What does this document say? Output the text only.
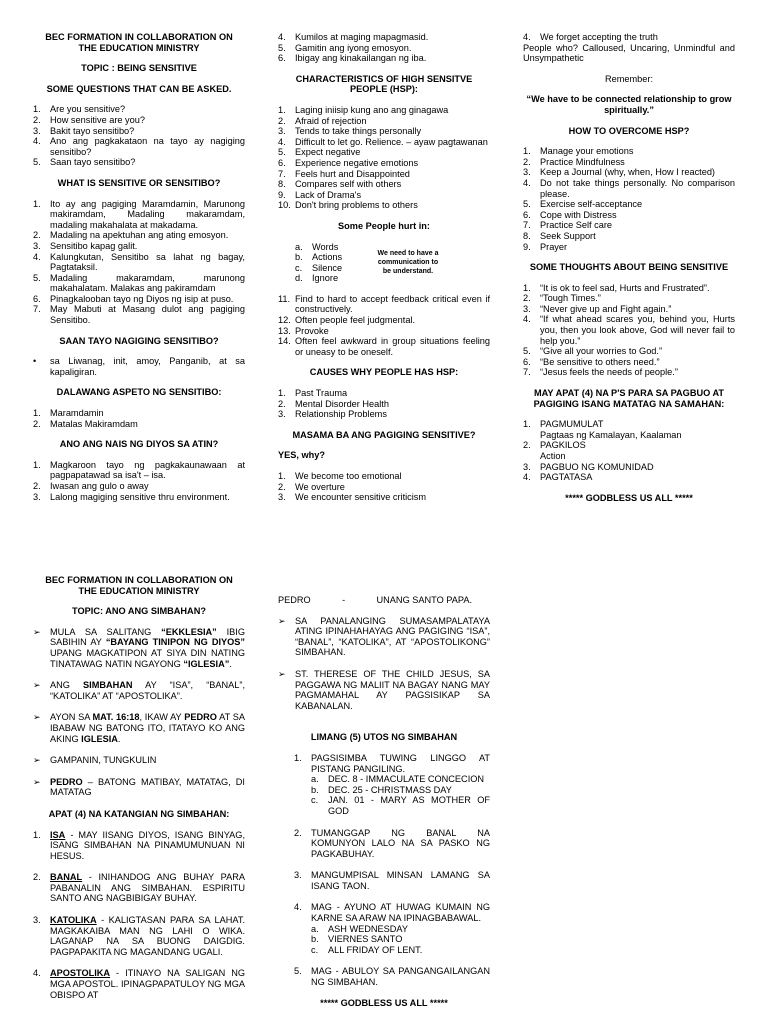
BEC FORMATION IN COLLABORATION ON
THE EDUCATION MINISTRY
TOPIC : BEING SENSITIVE
SOME QUESTIONS THAT CAN BE ASKED.
1. Are you sensitive?
2. How sensitive are you?
3. Bakit tayo sensitibo?
4. Ano ang pagkakataon na tayo ay nagiging sensitibo?
5. Saan tayo sensitibo?
WHAT IS SENSITIVE OR SENSITIBO?
1. Ito ay ang pagiging Maramdamin, Marunong makiramdam, Madaling makaramdam, madaling makahalata at makadama.
2. Madaling na apektuhan ang ating emosyon.
3. Sensitibo kapag galit.
4. Kalungkutan, Sensitibo sa lahat ng bagay, Pagtataksil.
5. Madaling makaramdam, marunong makahalatam. Malakas ang pakiramdam
6. Pinagkalooban tayo ng Diyos ng isip at puso.
7. May Mabuti at Masang dulot ang pagiging Sensitibo.
SAAN TAYO NAGIGING SENSITIBO?
• sa Liwanag, init, amoy, Panganib, at sa kapaligiran.
DALAWANG ASPETO NG SENSITIBO:
1. Maramdamin
2. Matalas Makiramdam
ANO ANG NAIS NG DIYOS SA ATIN?
1. Magkaroon tayo ng pagkakaunawaan at pagpapatawad sa isa't – isa.
2. Iwasan ang gulo o away
3. Lalong magiging sensitive thru environment.
4. Kumilos at maging mapagmasid.
5. Gamitin ang iyong emosyon.
6. Ibigay ang kinakailangan ng iba.
CHARACTERISTICS OF HIGH SENSITVE PEOPLE (HSP):
1. Laging iniisip kung ano ang ginagawa
2. Afraid of rejection
3. Tends to take things personally
4. Difficult to let go. Relience. – ayaw pagtawanan
5. Expect negative
6. Experience negative emotions
7. Feels hurt and Disappointed
8. Compares self with others
9. Lack of Drama's
10. Don't bring problems to others
Some People hurt in:
a. Words
b. Actions
c. Silence
d. Ignore
We need to have a communication to be understand.
11. Find to hard to accept feedback critical even if constructively.
12. Often people feel judgmental.
13. Provoke
14. Often feel awkward in group situations feeling or uneasy to be oneself.
CAUSES WHY PEOPLE HAS HSP:
1. Past Trauma
2. Mental Disorder Health
3. Relationship Problems
MASAMA BA ANG PAGIGING SENSITIVE?
YES, why?
1. We become too emotional
2. We overture
3. We encounter sensitive criticism
4. We forget accepting the truth

People who? Calloused, Uncaring, Unmindful and Unsympathetic

Remember:
“We have to be connected relationship to grow spiritually.”
HOW TO OVERCOME HSP?
1. Manage your emotions
2. Practice Mindfulness
3. Keep a Journal (why, when, How I reacted)
4. Do not take things personally. No comparison please.
5. Exercise self-acceptance
6. Cope with Distress
7. Practice Self care
8. Seek Support
9. Prayer
SOME THOUGHTS ABOUT BEING SENSITIVE
1. “It is ok to feel sad, Hurts and Frustrated”.
2. “Tough Times.”
3. “Never give up and Fight again.”
4. “If what ahead scares you, behind you, Hurts you, then you look above, God will never fail to help you.”
5. “Give all your worries to God.”
6. “Be sensitive to others need.”
7. “Jesus feels the needs of people.”
MAY APAT (4) NA P'S PARA SA PAGBUO AT PAGIGING ISANG MATATAG NA SAMAHAN:
1. PAGMUMULAT
Pagtaas ng Kamalayan, Kaalaman
2. PAGKILOS
Action
3. PAGBUO NG KOMUNIDAD
4. PAGTATASA
***** GODBLESS US ALL *****
BEC FORMATION IN COLLABORATION ON
THE EDUCATION MINISTRY
TOPIC: ANO ANG SIMBAHAN?
➢ MULA SA SALITANG “EKKLESIA” IBIG SABIHIN AY “BAYANG TINIPON NG DIYOS” UPANG MAGKATIPON AT SIYA DIN NATING TINATAWAG NATIN NGAYONG “IGLESIA”.
➢ ANG SIMBAHAN AY “ISA”, “BANAL”, “KATOLIKA” AT “APOSTOLIKA”.
➢ AYON SA MAT. 16:18, IKAW AY PEDRO AT SA IBABAW NG BATONG ITO, ITATAYO KO ANG AKING IGLESIA.
➢ GAMPANIN, TUNGKULIN
➢ PEDRO – BATONG MATIBAY, MATATAG, DI MATATAG
APAT (4) NA KATANGIAN NG SIMBAHAN:
1. ISA - MAY IISANG DIYOS, ISANG BINYAG, ISANG SIMBAHAN NA PINAMUMUNUAN NI HESUS.
2. BANAL - INIHANDOG ANG BUHAY PARA PABANALIN ANG SIMBAHAN. ESPIRITU SANTO ANG NAGBIBIGAY BUHAY.
3. KATOLIKA - KALIGTASAN PARA SA LAHAT. MAGKAKAIBA MAN NG LAHI O WIKA. LAGANAP NA SA BUONG DAIGDIG. PAGPAPAKITA NG MAGANDANG UGALI.
4. APOSTOLIKA - ITINAYO NA SALIGAN NG MGA APOSTOL. IPINAGPAPATULOY NG MGA OBISPO AT
PEDRO	-	UNANG SANTO PAPA.
➢ SA PANALANGING SUMASAMPALATAYA ATING IPINAHAHAYAG ANG PAGIGING “ISA”, “BANAL”, “KATOLIKA”, AT “APOSTOLIKONG” SIMBAHAN.
➢ ST. THERESE OF THE CHILD JESUS, SA PAGGAWA NG MALIIT NA BAGAY NANG MAY PAGMAMAHAL AY PAGSISIKAP SA KABANALAN.
LIMANG (5) UTOS NG SIMBAHAN
1. PAGSISIMBA TUWING LINGGO AT PISTANG PANGILING.
a. DEC. 8 - IMMACULATE CONCECION
b. DEC. 25 - CHRISTMASS DAY
c. JAN. 01 - MARY AS MOTHER OF GOD
2. TUMANGGAP NG BANAL NA KOMUNYON LALO NA SA PASKO NG PAGKABUHAY.
3. MANGUMPISAL MINSAN LAMANG SA ISANG TAON.
4. MAG - AYUNO AT HUWAG KUMAIN NG KARNE SA ARAW NA IPINAGBABAWAL.
a. ASH WEDNESDAY
b. VIERNES SANTO
c. ALL FRIDAY OF LENT.
5. MAG - ABULOY SA PANGANGAILANGAN NG SIMBAHAN.
***** GODBLESS US ALL *****
